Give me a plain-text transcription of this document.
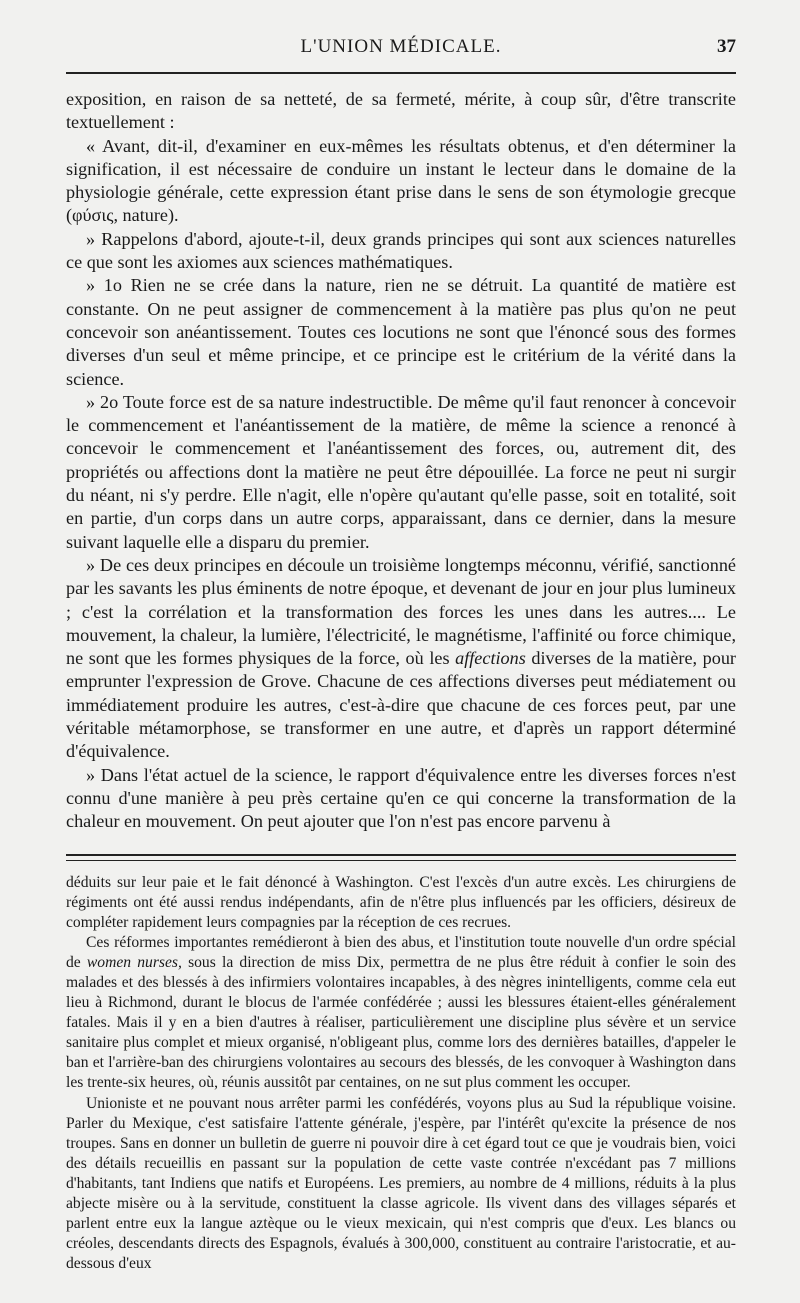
L'UNION MÉDICALE.	37

exposition, en raison de sa netteté, de sa fermeté, mérite, à coup sûr, d'être transcrite textuellement :

« Avant, dit-il, d'examiner en eux-mêmes les résultats obtenus, et d'en déterminer la signification, il est nécessaire de conduire un instant le lecteur dans le domaine de la physiologie générale, cette expression étant prise dans le sens de son étymologie grecque (φύσις, nature).

» Rappelons d'abord, ajoute-t-il, deux grands principes qui sont aux sciences naturelles ce que sont les axiomes aux sciences mathématiques.

» 1o Rien ne se crée dans la nature, rien ne se détruit. La quantité de matière est constante. On ne peut assigner de commencement à la matière pas plus qu'on ne peut concevoir son anéantissement. Toutes ces locutions ne sont que l'énoncé sous des formes diverses d'un seul et même principe, et ce principe est le critérium de la vérité dans la science.

» 2o Toute force est de sa nature indestructible. De même qu'il faut renoncer à concevoir le commencement et l'anéantissement de la matière, de même la science a renoncé à concevoir le commencement et l'anéantissement des forces, ou, autrement dit, des propriétés ou affections dont la matière ne peut être dépouillée. La force ne peut ni surgir du néant, ni s'y perdre. Elle n'agit, elle n'opère qu'autant qu'elle passe, soit en totalité, soit en partie, d'un corps dans un autre corps, apparaissant, dans ce dernier, dans la mesure suivant laquelle elle a disparu du premier.

» De ces deux principes en découle un troisième longtemps méconnu, vérifié, sanctionné par les savants les plus éminents de notre époque, et devenant de jour en jour plus lumineux ; c'est la corrélation et la transformation des forces les unes dans les autres.... Le mouvement, la chaleur, la lumière, l'électricité, le magnétisme, l'affinité ou force chimique, ne sont que les formes physiques de la force, où les affections diverses de la matière, pour emprunter l'expression de Grove. Chacune de ces affections diverses peut médiatement ou immédiatement produire les autres, c'est-à-dire que chacune de ces forces peut, par une véritable métamorphose, se transformer en une autre, et d'après un rapport déterminé d'équivalence.

» Dans l'état actuel de la science, le rapport d'équivalence entre les diverses forces n'est connu d'une manière à peu près certaine qu'en ce qui concerne la transformation de la chaleur en mouvement. On peut ajouter que l'on n'est pas encore parvenu à

déduits sur leur paie et le fait dénoncé à Washington. C'est l'excès d'un autre excès. Les chirurgiens de régiments ont été aussi rendus indépendants, afin de n'être plus influencés par les officiers, désireux de compléter rapidement leurs compagnies par la réception de ces recrues.

Ces réformes importantes remédieront à bien des abus, et l'institution toute nouvelle d'un ordre spécial de women nurses, sous la direction de miss Dix, permettra de ne plus être réduit à confier le soin des malades et des blessés à des infirmiers volontaires incapables, à des nègres inintelligents, comme cela eut lieu à Richmond, durant le blocus de l'armée confédérée ; aussi les blessures étaient-elles généralement fatales. Mais il y en a bien d'autres à réaliser, particulièrement une discipline plus sévère et un service sanitaire plus complet et mieux organisé, n'obligeant plus, comme lors des dernières batailles, d'appeler le ban et l'arrière-ban des chirurgiens volontaires au secours des blessés, de les convoquer à Washington dans les trente-six heures, où, réunis aussitôt par centaines, on ne sut plus comment les occuper.

Unioniste et ne pouvant nous arrêter parmi les confédérés, voyons plus au Sud la république voisine. Parler du Mexique, c'est satisfaire l'attente générale, j'espère, par l'intérêt qu'excite la présence de nos troupes. Sans en donner un bulletin de guerre ni pouvoir dire à cet égard tout ce que je voudrais bien, voici des détails recueillis en passant sur la population de cette vaste contrée n'excédant pas 7 millions d'habitants, tant Indiens que natifs et Européens. Les premiers, au nombre de 4 millions, réduits à la plus abjecte misère ou à la servitude, constituent la classe agricole. Ils vivent dans des villages séparés et parlent entre eux la langue aztèque ou le vieux mexicain, qui n'est compris que d'eux. Les blancs ou créoles, descendants directs des Espagnols, évalués à 300,000, constituent au contraire l'aristocratie, et au-dessous d'eux
